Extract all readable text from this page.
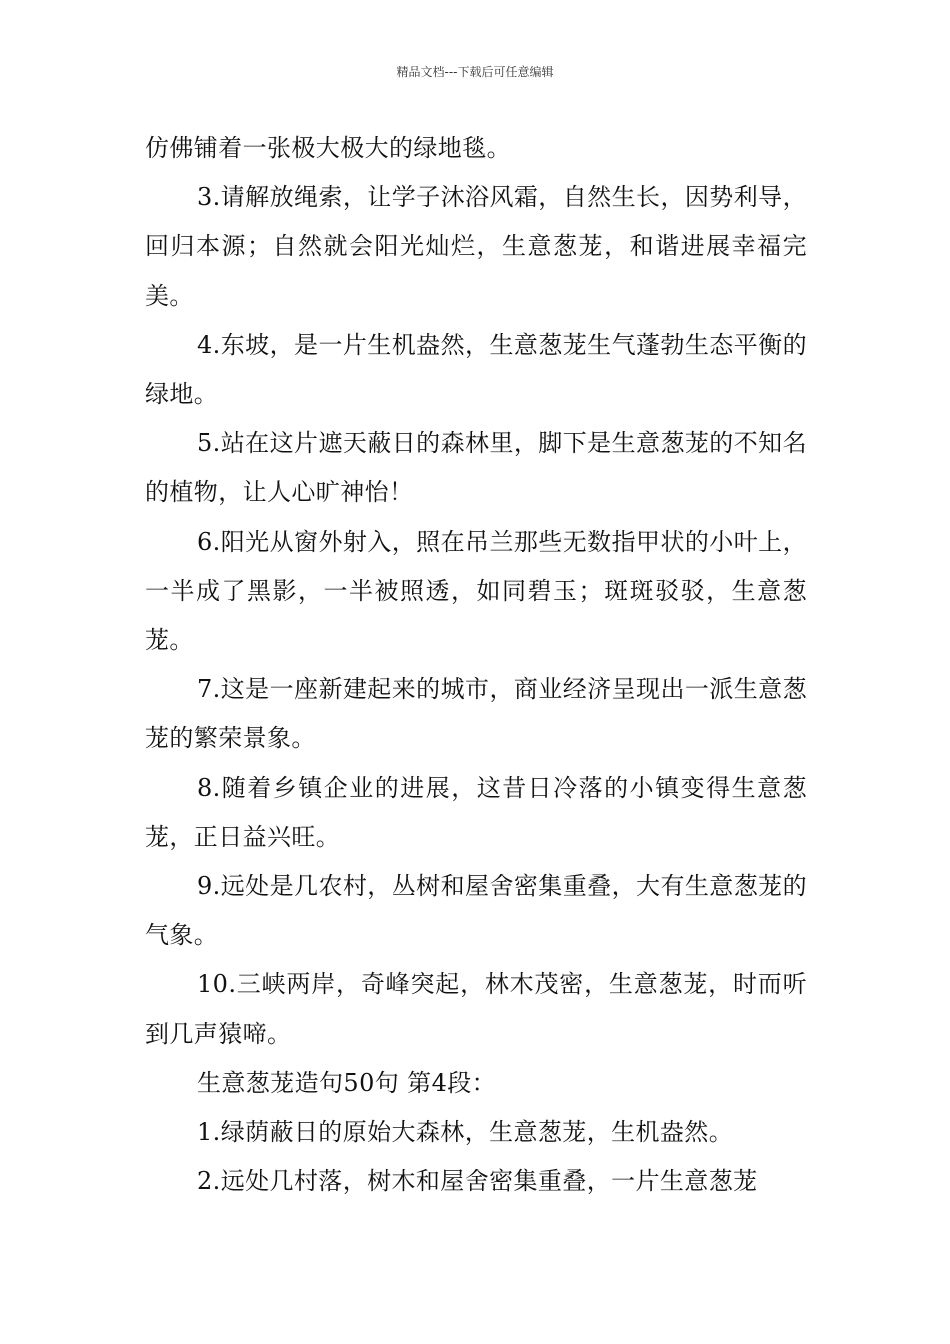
精品文档---下载后可任意编辑

仿佛铺着一张极大极大的绿地毯。

3.请解放绳索，让学子沐浴风霜，自然生长，因势利导，回归本源；自然就会阳光灿烂，生意葱茏，和谐进展幸福完美。

4.东坡，是一片生机盎然，生意葱茏生气蓬勃生态平衡的绿地。

5.站在这片遮天蔽日的森林里，脚下是生意葱茏的不知名的植物，让人心旷神怡！

6.阳光从窗外射入，照在吊兰那些无数指甲状的小叶上，一半成了黑影，一半被照透，如同碧玉；斑斑驳驳，生意葱茏。

7.这是一座新建起来的城市，商业经济呈现出一派生意葱茏的繁荣景象。

8.随着乡镇企业的进展，这昔日冷落的小镇变得生意葱茏，正日益兴旺。

9.远处是几农村，丛树和屋舍密集重叠，大有生意葱茏的气象。

10.三峡两岸，奇峰突起，林木茂密，生意葱茏，时而听到几声猿啼。

生意葱茏造句50句 第4段：

1.绿荫蔽日的原始大森林，生意葱茏，生机盎然。

2.远处几村落，树木和屋舍密集重叠，一片生意葱茏
